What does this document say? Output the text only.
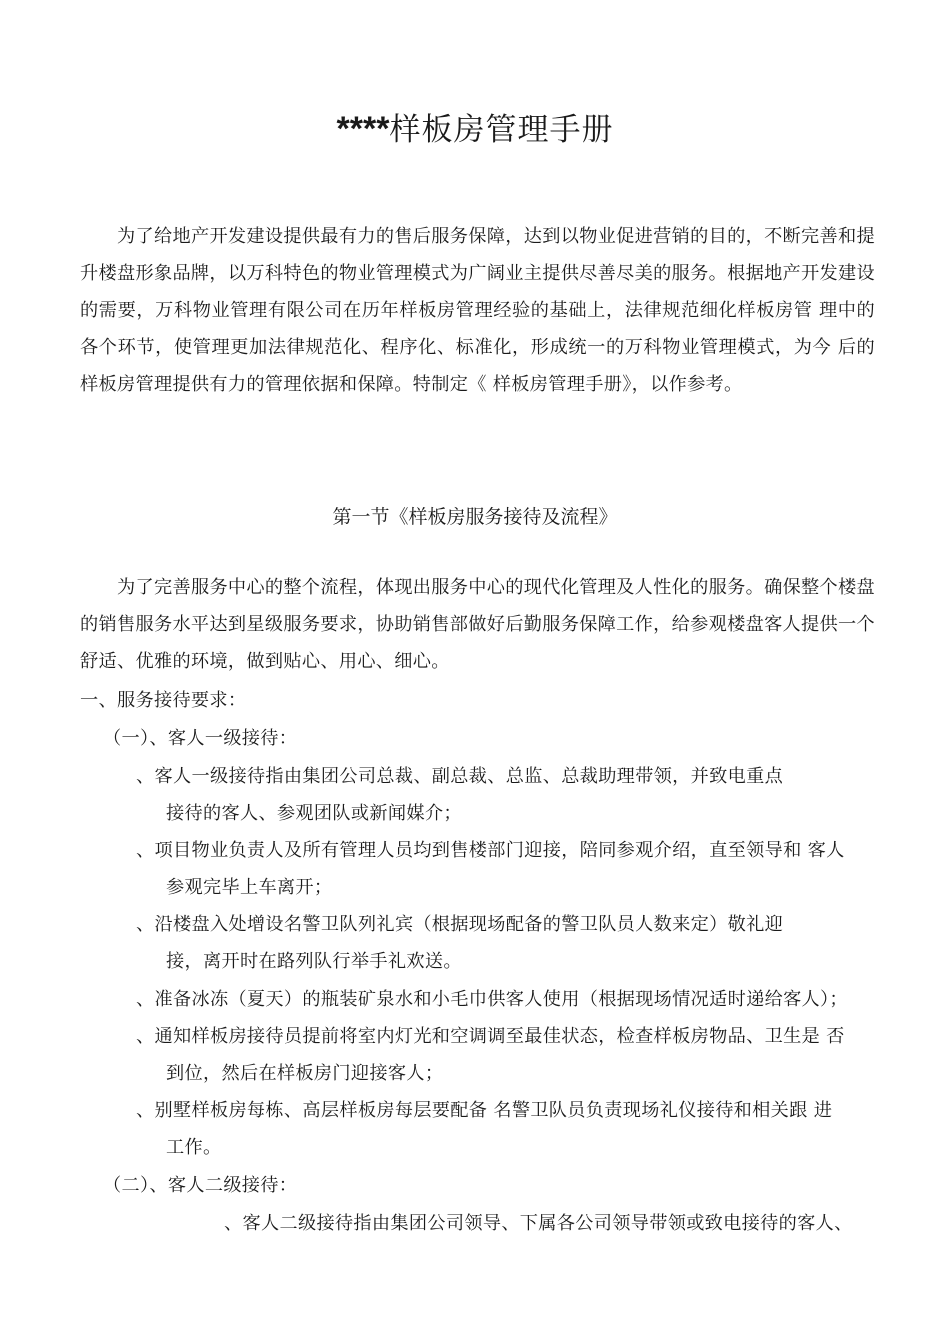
****样板房管理手册
为了给地产开发建设提供最有力的售后服务保障，达到以物业促进营销的目的，不断完善和提升楼盘形象品牌，以万科特色的物业管理模式为广阔业主提供尽善尽美的服务。根据地产开发建设的需要，万科物业管理有限公司在历年样板房管理经验的基础上，法律规范细化样板房管 理中的各个环节，使管理更加法律规范化、程序化、标准化，形成统一的万科物业管理模式，为今 后的样板房管理提供有力的管理依据和保障。特制定《 样板房管理手册》，以作参考。
第一节《样板房服务接待及流程》
为了完善服务中心的整个流程，体现出服务中心的现代化管理及人性化的服务。确保整个楼盘的销售服务水平达到星级服务要求，协助销售部做好后勤服务保障工作，给参观楼盘客人提供一个舒适、优雅的环境，做到贴心、用心、细心。
一、服务接待要求：
（一）、客人一级接待：
、客人一级接待指由集团公司总裁、副总裁、总监、总裁助理带领，并致电重点
接待的客人、参观团队或新闻媒介；
、项目物业负责人及所有管理人员均到售楼部门迎接，陪同参观介绍，直至领导和 客人
参观完毕上车离开；
、沿楼盘入处增设名警卫队列礼宾（根据现场配备的警卫队员人数来定）敬礼迎
接，离开时在路列队行举手礼欢送。
、准备冰冻（夏天）的瓶装矿泉水和小毛巾供客人使用（根据现场情况适时递给客人）；
、通知样板房接待员提前将室内灯光和空调调至最佳状态，检查样板房物品、卫生是 否
到位，然后在样板房门迎接客人；
、别墅样板房每栋、高层样板房每层要配备 名警卫队员负责现场礼仪接待和相关跟 进
工作。
（二）、客人二级接待：
、客人二级接待指由集团公司领导、下属各公司领导带领或致电接待的客人、
